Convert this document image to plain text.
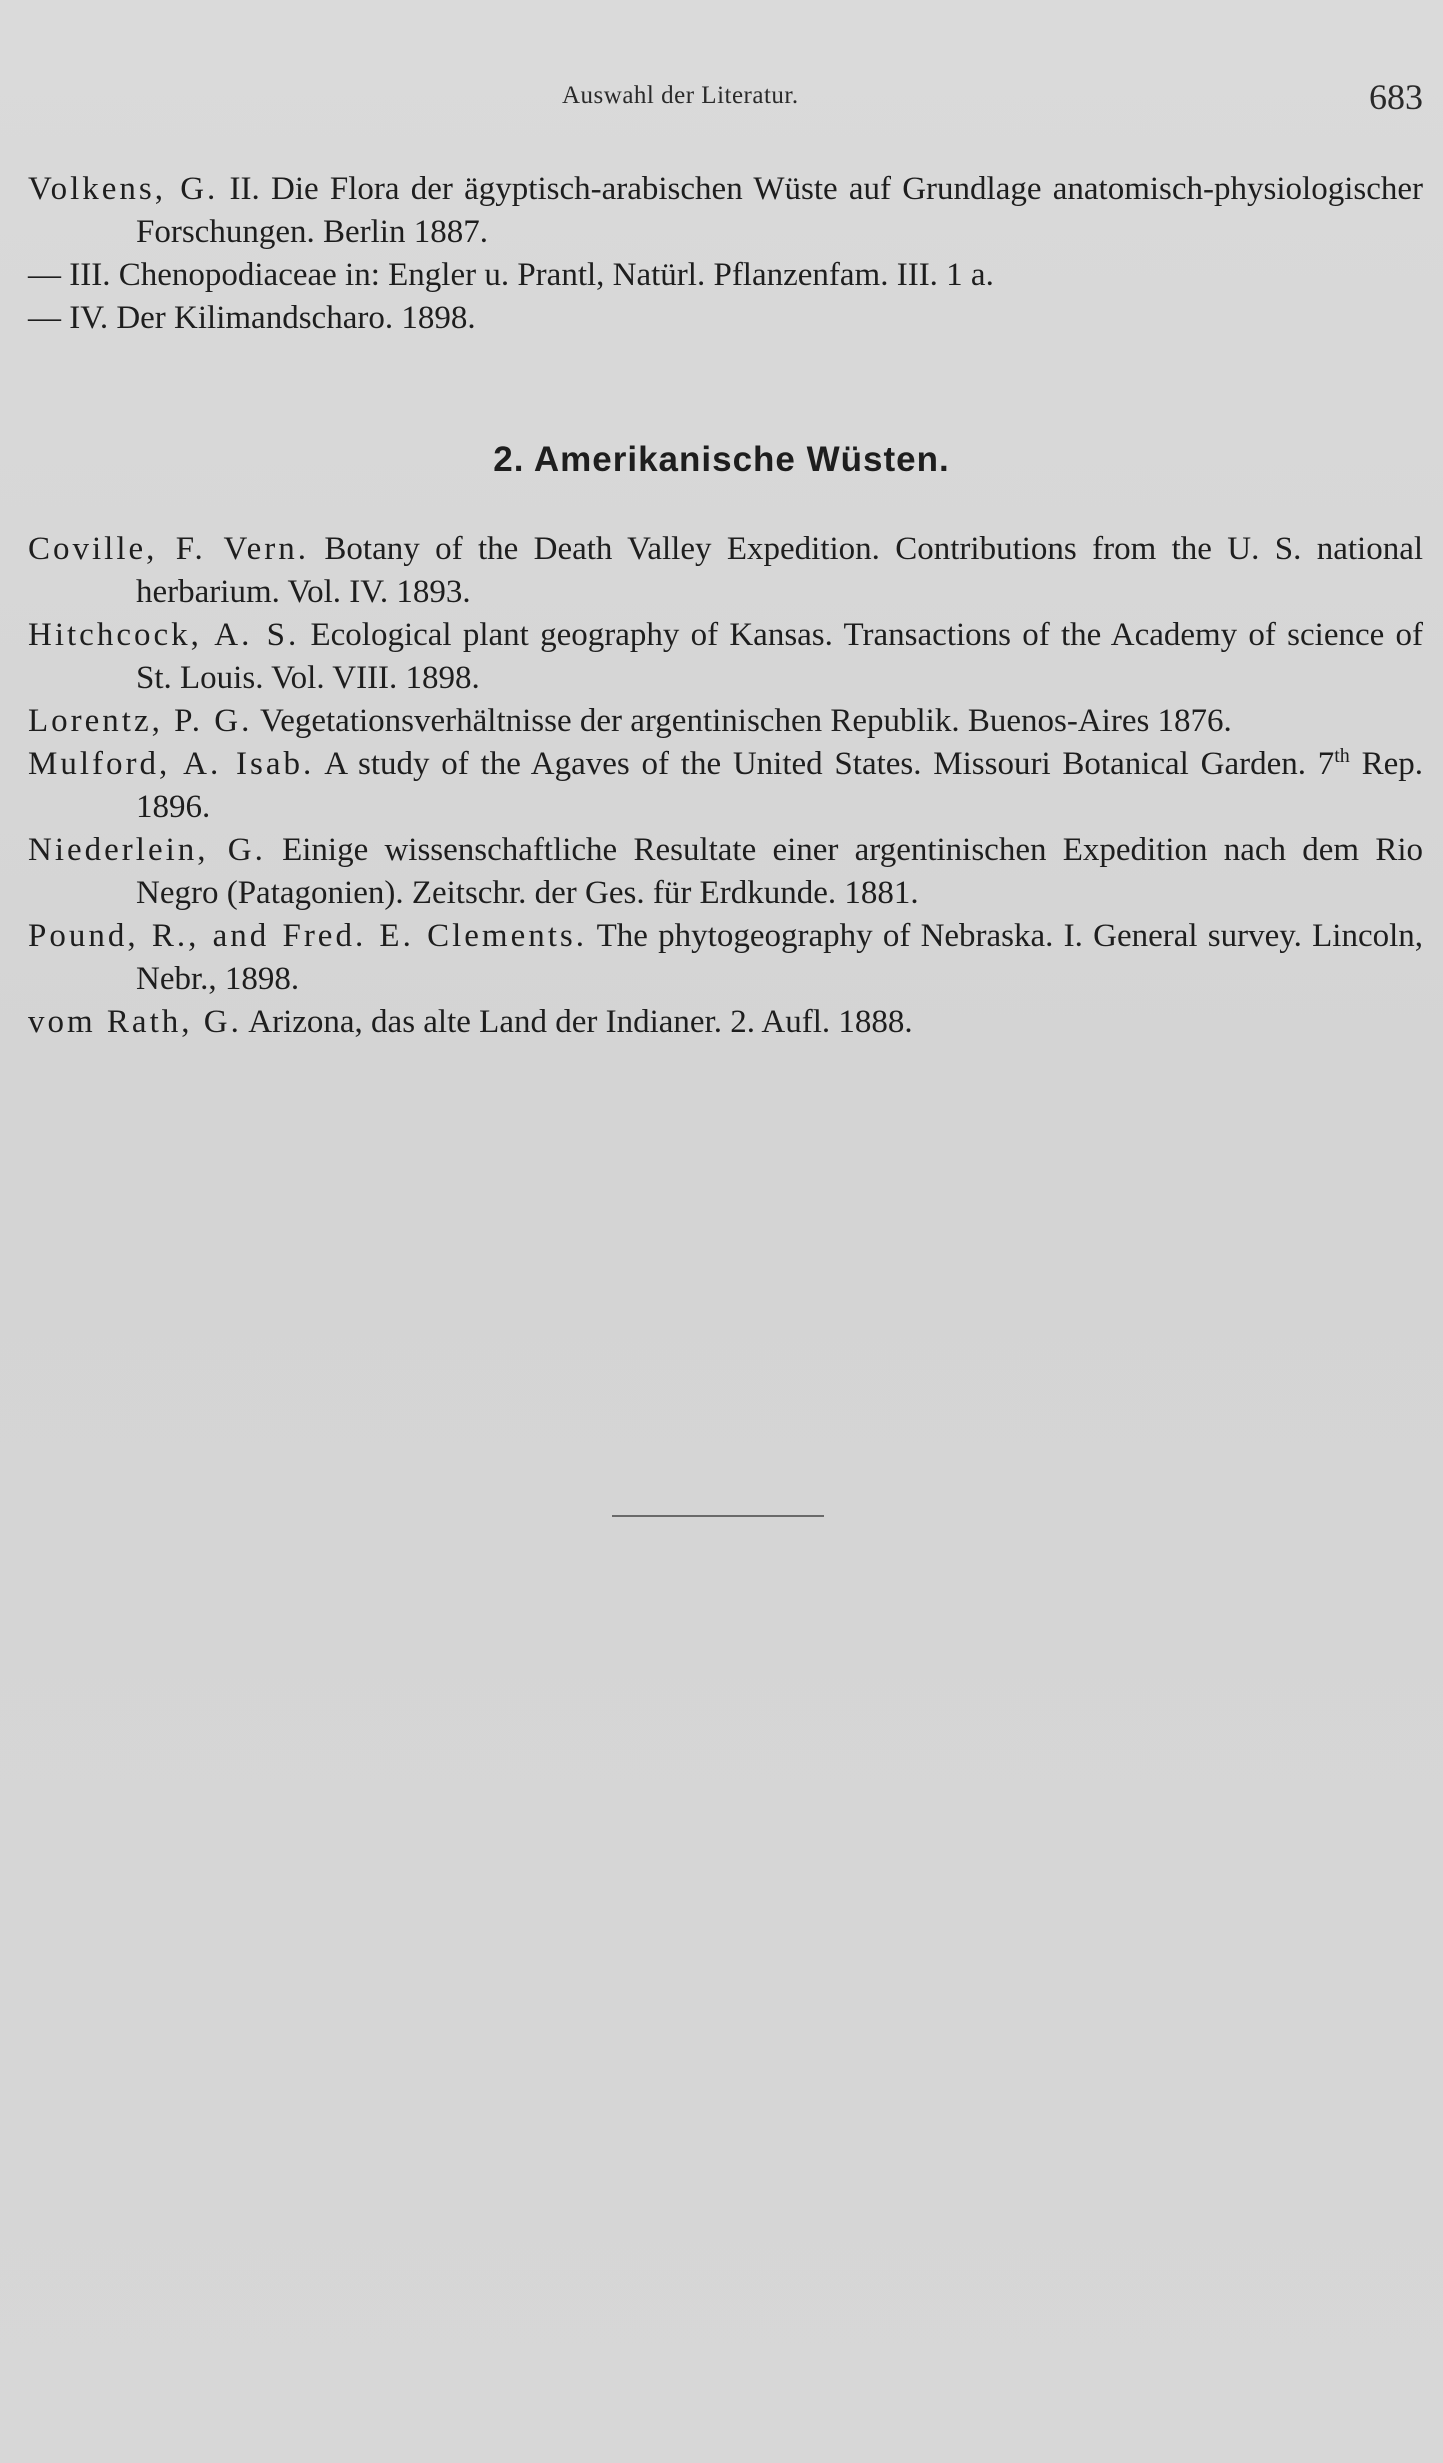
Auswahl der Literatur.	683

Volkens, G. II. Die Flora der ägyptisch-arabischen Wüste auf Grundlage anatomisch-physiologischer Forschungen. Berlin 1887.

— III. Chenopodiaceae in: Engler u. Prantl, Natürl. Pflanzenfam. III. 1 a.

— IV. Der Kilimandscharo. 1898.

2. Amerikanische Wüsten.

Coville, F. Vern. Botany of the Death Valley Expedition. Contributions from the U. S. national herbarium. Vol. IV. 1893.

Hitchcock, A. S. Ecological plant geography of Kansas. Transactions of the Academy of science of St. Louis. Vol. VIII. 1898.

Lorentz, P. G. Vegetationsverhältnisse der argentinischen Republik. Buenos-Aires 1876.

Mulford, A. Isab. A study of the Agaves of the United States. Missouri Botanical Garden. 7th Rep. 1896.

Niederlein, G. Einige wissenschaftliche Resultate einer argentinischen Expedition nach dem Rio Negro (Patagonien). Zeitschr. der Ges. für Erdkunde. 1881.

Pound, R., and Fred. E. Clements. The phytogeography of Nebraska. I. General survey. Lincoln, Nebr., 1898.

vom Rath, G. Arizona, das alte Land der Indianer. 2. Aufl. 1888.
